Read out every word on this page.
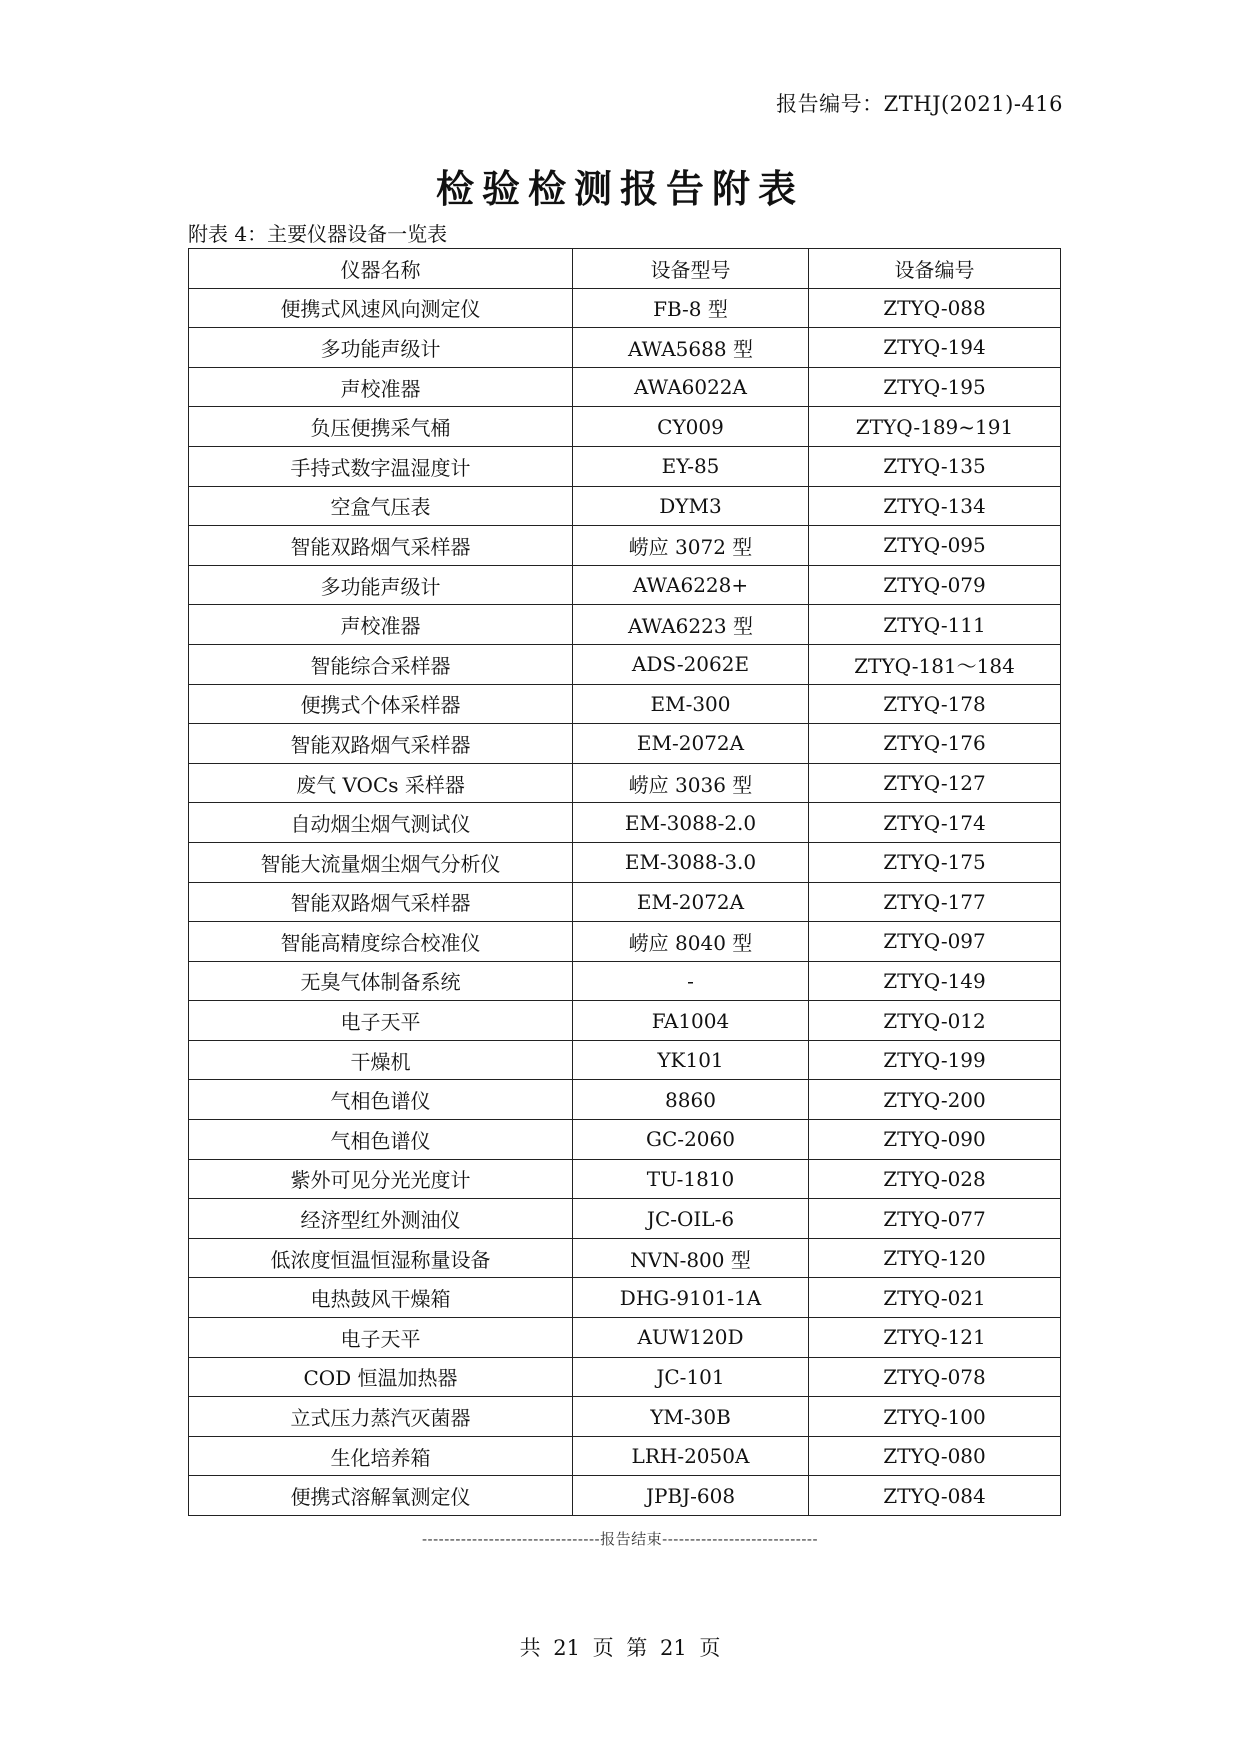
报告编号：ZTHJ(2021)-416
检验检测报告附表
附表 4：主要仪器设备一览表
仪器名称	设备型号	设备编号
便携式风速风向测定仪	FB-8 型	ZTYQ-088
多功能声级计	AWA5688 型	ZTYQ-194
声校准器	AWA6022A	ZTYQ-195
负压便携采气桶	CY009	ZTYQ-189~191
手持式数字温湿度计	EY-85	ZTYQ-135
空盒气压表	DYM3	ZTYQ-134
智能双路烟气采样器	崂应 3072 型	ZTYQ-095
多功能声级计	AWA6228+	ZTYQ-079
声校准器	AWA6223 型	ZTYQ-111
智能综合采样器	ADS-2062E	ZTYQ-181～184
便携式个体采样器	EM-300	ZTYQ-178
智能双路烟气采样器	EM-2072A	ZTYQ-176
废气 VOCs 采样器	崂应 3036 型	ZTYQ-127
自动烟尘烟气测试仪	EM-3088-2.0	ZTYQ-174
智能大流量烟尘烟气分析仪	EM-3088-3.0	ZTYQ-175
智能双路烟气采样器	EM-2072A	ZTYQ-177
智能高精度综合校准仪	崂应 8040 型	ZTYQ-097
无臭气体制备系统	-	ZTYQ-149
电子天平	FA1004	ZTYQ-012
干燥机	YK101	ZTYQ-199
气相色谱仪	8860	ZTYQ-200
气相色谱仪	GC-2060	ZTYQ-090
紫外可见分光光度计	TU-1810	ZTYQ-028
经济型红外测油仪	JC-OIL-6	ZTYQ-077
低浓度恒温恒湿称量设备	NVN-800 型	ZTYQ-120
电热鼓风干燥箱	DHG-9101-1A	ZTYQ-021
电子天平	AUW120D	ZTYQ-121
COD 恒温加热器	JC-101	ZTYQ-078
立式压力蒸汽灭菌器	YM-30B	ZTYQ-100
生化培养箱	LRH-2050A	ZTYQ-080
便携式溶解氧测定仪	JPBJ-608	ZTYQ-084
--------------------------------报告结束----------------------------
共 21 页 第 21 页
